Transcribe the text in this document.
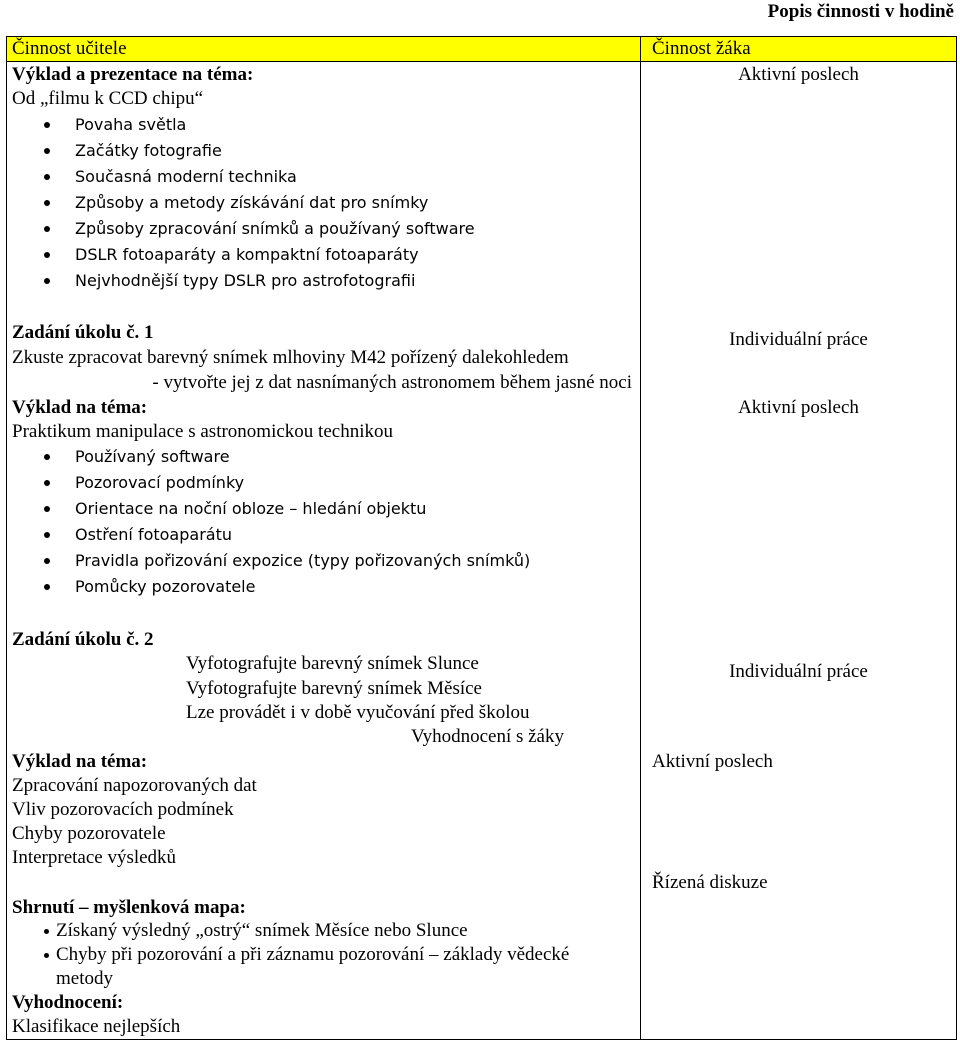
Popis činnosti v hodině
Činnost učitele	Činnost žáka
Výklad a prezentace na téma:
Od „filmu k CCD chipu“
Povaha světla
Začátky fotografie
Současná moderní technika
Způsoby a metody získávání dat pro snímky
Způsoby zpracování snímků a používaný software
DSLR fotoaparáty a kompaktní fotoaparáty
Nejvhodnější typy DSLR pro astrofotografii
Zadání úkolu č. 1
Zkuste zpracovat barevný snímek mlhoviny M42 pořízený dalekohledem
- vytvořte jej z dat nasnímaných astronomem během jasné noci
Výklad na téma:
Praktikum manipulace s astronomickou technikou
Používaný software
Pozorovací podmínky
Orientace na noční obloze – hledání objektu
Ostření fotoaparátu
Pravidla pořizování expozice (typy pořizovaných snímků)
Pomůcky pozorovatele
Zadání úkolu č. 2
Vyfotografujte barevný snímek Slunce
Vyfotografujte barevný snímek Měsíce
Lze provádět i v době vyučování před školou
Vyhodnocení s žáky
Výklad na téma:
Zpracování napozorovaných dat
Vliv pozorovacích podmínek
Chyby pozorovatele
Interpretace výsledků
Shrnutí – myšlenková mapa:
Získaný výsledný „ostrý“ snímek Měsíce nebo Slunce
Chyby při pozorování a při záznamu pozorování – základy vědecké
metody
Vyhodnocení:
Klasifikace nejlepších
Aktivní poslech
Individuální práce
Aktivní poslech
Individuální práce
Aktivní poslech
Řízená diskuze
